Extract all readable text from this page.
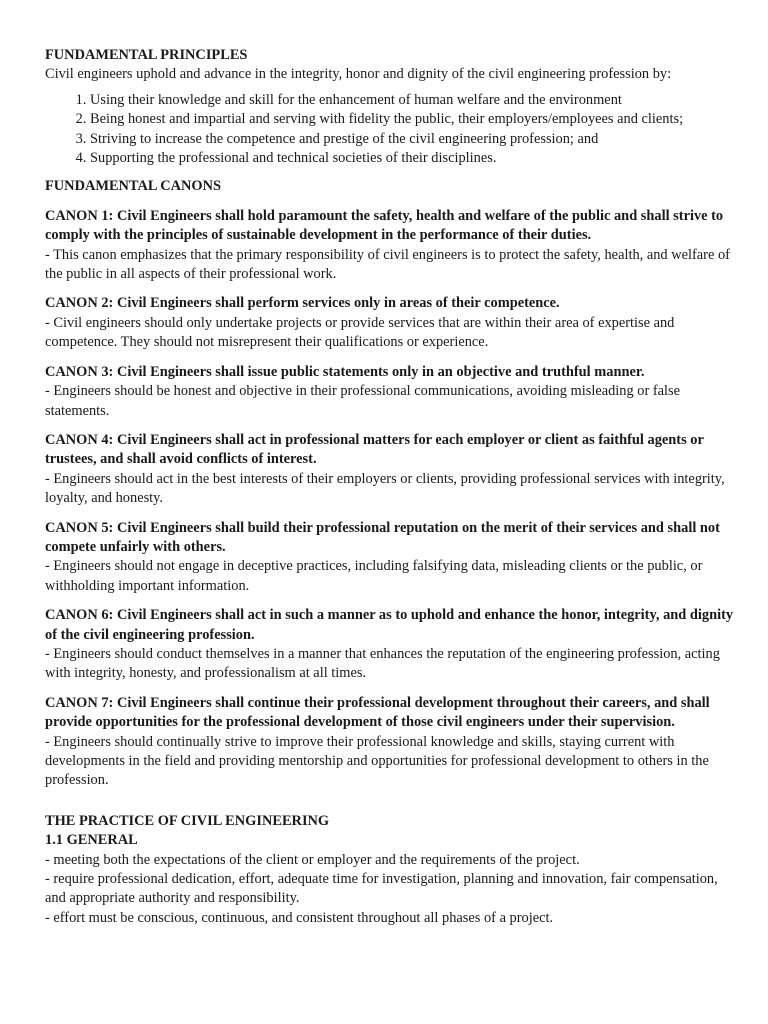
FUNDAMENTAL PRINCIPLES

Civil engineers uphold and advance in the integrity, honor and dignity of the civil engineering profession by:

1. Using their knowledge and skill for the enhancement of human welfare and the environment
2. Being honest and impartial and serving with fidelity the public, their employers/employees and clients;
3. Striving to increase the competence and prestige of the civil engineering profession; and
4. Supporting the professional and technical societies of their disciplines.

FUNDAMENTAL CANONS

CANON 1: Civil Engineers shall hold paramount the safety, health and welfare of the public and shall strive to comply with the principles of sustainable development in the performance of their duties.

- This canon emphasizes that the primary responsibility of civil engineers is to protect the safety, health, and welfare of the public in all aspects of their professional work.

CANON 2: Civil Engineers shall perform services only in areas of their competence.

- Civil engineers should only undertake projects or provide services that are within their area of expertise and competence. They should not misrepresent their qualifications or experience.

CANON 3: Civil Engineers shall issue public statements only in an objective and truthful manner.

- Engineers should be honest and objective in their professional communications, avoiding misleading or false statements.

CANON 4: Civil Engineers shall act in professional matters for each employer or client as faithful agents or trustees, and shall avoid conflicts of interest.

- Engineers should act in the best interests of their employers or clients, providing professional services with integrity, loyalty, and honesty.

CANON 5: Civil Engineers shall build their professional reputation on the merit of their services and shall not compete unfairly with others.

- Engineers should not engage in deceptive practices, including falsifying data, misleading clients or the public, or withholding important information.

CANON 6: Civil Engineers shall act in such a manner as to uphold and enhance the honor, integrity, and dignity of the civil engineering profession.

- Engineers should conduct themselves in a manner that enhances the reputation of the engineering profession, acting with integrity, honesty, and professionalism at all times.

CANON 7: Civil Engineers shall continue their professional development throughout their careers, and shall provide opportunities for the professional development of those civil engineers under their supervision.

- Engineers should continually strive to improve their professional knowledge and skills, staying current with developments in the field and providing mentorship and opportunities for professional development to others in the profession.

THE PRACTICE OF CIVIL ENGINEERING

1.1 GENERAL

- meeting both the expectations of the client or employer and the requirements of the project.

- require professional dedication, effort, adequate time for investigation, planning and innovation, fair compensation, and appropriate authority and responsibility.

- effort must be conscious, continuous, and consistent throughout all phases of a project.
